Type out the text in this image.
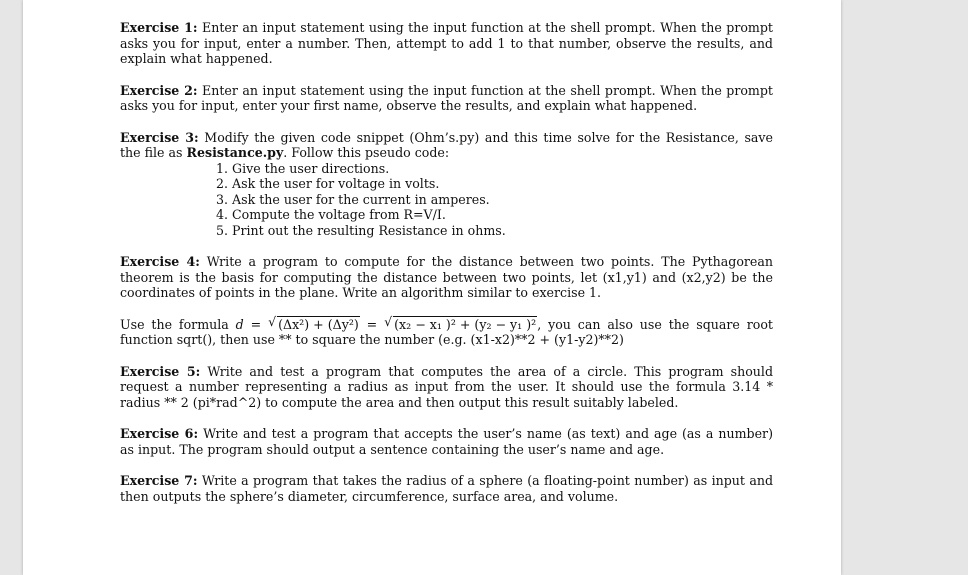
Exercise 1: Enter an input statement using the input function at the shell prompt. When the prompt asks you for input, enter a number. Then, attempt to add 1 to that number, observe the results, and explain what happened.

Exercise 2: Enter an input statement using the input function at the shell prompt. When the prompt asks you for input, enter your first name, observe the results, and explain what happened.

Exercise 3: Modify the given code snippet (Ohm’s.py) and this time solve for the Resistance, save the file as Resistance.py. Follow this pseudo code:
1. Give the user directions.
2. Ask the user for voltage in volts.
3. Ask the user for the current in amperes.
4. Compute the voltage from R=V/I.
5. Print out the resulting Resistance in ohms.

Exercise 4: Write a program to compute for the distance between two points. The Pythagorean theorem is the basis for computing the distance between two points, let (x1,y1) and (x2,y2) be the coordinates of points in the plane. Write an algorithm similar to exercise 1.

Use the formula d = √ (Δx²) + (Δy²) = √ (x₂ − x₁ )² + (y₂ − y₁ )², you can also use the square root function sqrt(), then use ** to square the number (e.g. (x1-x2)**2 + (y1-y2)**2)

Exercise 5: Write and test a program that computes the area of a circle. This program should request a number representing a radius as input from the user. It should use the formula 3.14 * radius ** 2 (pi*rad^2) to compute the area and then output this result suitably labeled.

Exercise 6: Write and test a program that accepts the user’s name (as text) and age (as a number) as input. The program should output a sentence containing the user’s name and age.

Exercise 7: Write a program that takes the radius of a sphere (a floating-point number) as input and then outputs the sphere’s diameter, circumference, surface area, and volume.
